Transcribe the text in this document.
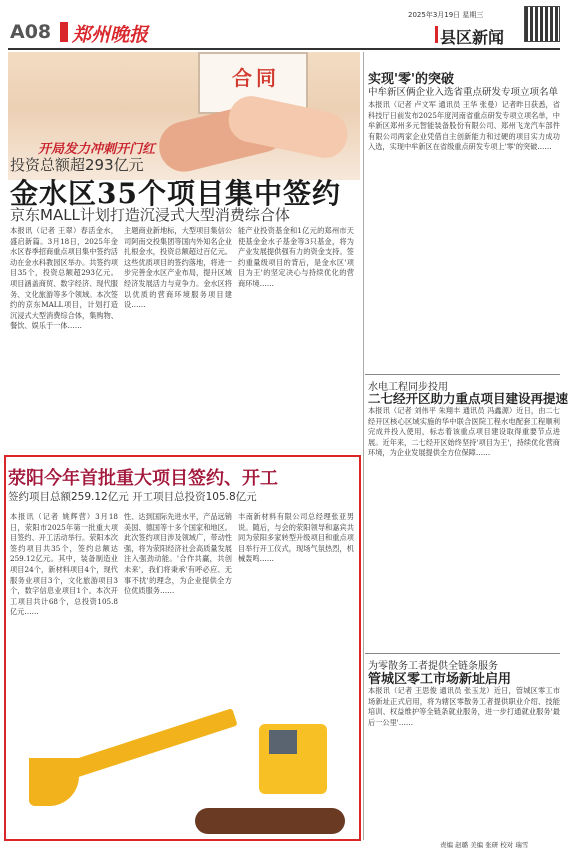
A08 郑州晚报
2025年3月19日 星期三
县区新闻
合同
开局发力冲刺开门红
投资总额超293亿元
金水区35个项目集中签约
京东MALL计划打造沉浸式大型消费综合体
本报讯（记者 王翠）春活金水，盛启新篇。3月18日，2025年金水区春季招商重点项目集中签约活动在金水科教园区举办。共签约项目35个，投资总额超293亿元。项目涵盖商贸、数字经济、现代服务、文化旅游等多个领域。本次签约的京东MALL项目，计划打造沉浸式大型消费综合体，集购物、餐饮、娱乐于一体……
主题商业新地标，大型项目集信公司阿南交投集团等国内外知名企业扎根金水，投资总额超过百亿元。这些优质项目的签约落地，将进一步完善金水区产业布局，提升区域经济发展活力与竞争力。金水区将以优质的营商环境服务项目建设……
能产业投资基金和1亿元的郑州市天使基金金水子基金等3只基金，将为产业发展提供强有力的资金支持。签约重量级项目的背后，是金水区'项目为王'的坚定决心与持续优化的营商环境……
荥阳今年首批重大项目签约、开工
签约项目总额259.12亿元 开工项目总投资105.8亿元
本报讯（记者 姚辉营）3月18日，荥阳市2025年第一批重大项目签约、开工活动举行。荥阳本次签约项目共35个，签约总额达259.12亿元。其中，装备制造业项目24个，新材料项目4个，现代服务业项目3个，文化旅游项目3个，数字信息业项目1个。本次开工项目共计68个，总投资105.8亿元……
性、达到国际先进水平，产品远销美国、德国等十多个国家和地区。此次签约项目涉及领域广，带动性强，将为荥阳经济社会高质量发展注入强劲动能。'合作共赢，共创未来'，我们将秉承'有呼必应、无事不扰'的理念，为企业提供全方位优质服务……
丰南新材料有限公司总经理张亚男说。随后，与会的荥阳领导和嘉宾共同为荥阳多家转型升级项目和重点项目举行开工仪式，现场气氛热烈，机械轰鸣……
实现'零'的突破
中牟新区俩企业入选省重点研发专项立项名单
本报讯（记者 卢文军 通讯员 王华 张曼）记者昨日获悉，省科技厅日前发布2025年度河南省重点研发专项立项名单，中牟新区郑州多元智能装备股份有限公司、郑州飞龙汽车部件有限公司两家企业凭借自主创新能力和过硬的项目实力成功入选，实现中牟新区在省级重点研发专项上'零'的突破……
水电工程同步投用
二七经开区助力重点项目建设再提速
本报讯（记者 刘伟平 朱翔丰 通讯员 冯鑫源）近日，由二七经开区核心区域实施的华中联合医院工程水电配套工程顺利完成并投入使用，标志着该重点项目建设取得重要节点进展。近年来，二七经开区始终坚持'项目为王'，持续优化营商环境，为企业发展提供全方位保障……
为零散务工者提供全链条服务
管城区零工市场新址启用
本报讯（记者 王思俊 通讯员 张玉龙）近日，管城区零工市场新址正式启用，将为辖区零散务工者提供职业介绍、技能培训、权益维护等全链条就业服务，进一步打通就业服务'最后一公里'……
责编 赵璐 美编 张研 校对 瑞雪
